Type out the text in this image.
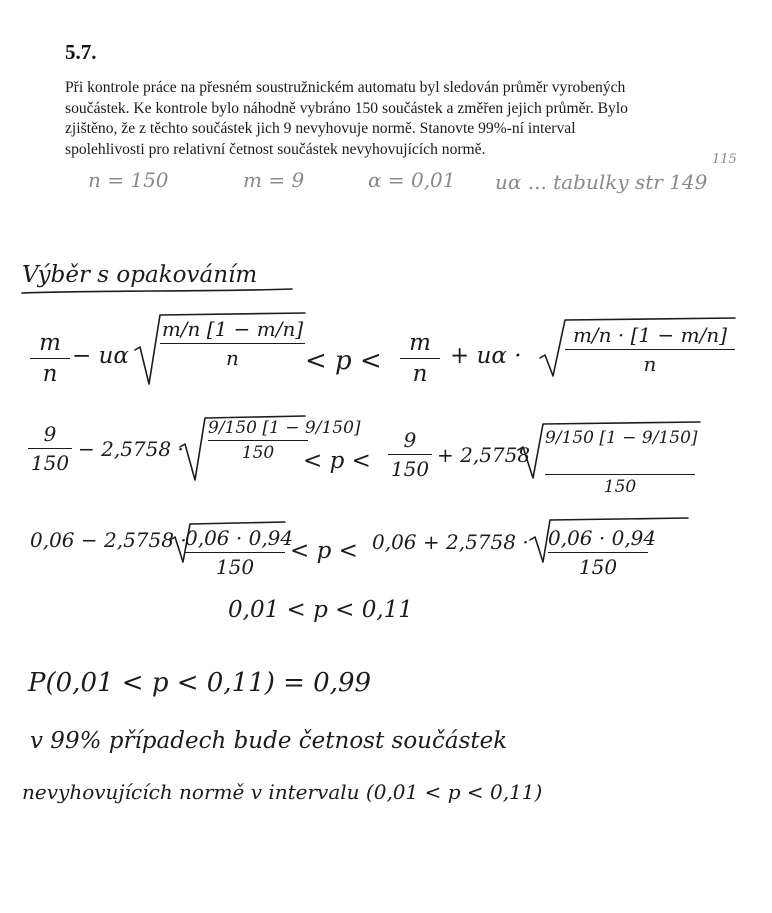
5.7.
Při kontrole práce na přesném soustružnickém automatu byl sledován průměr vyrobených
součástek. Ke kontrole bylo náhodně vybráno 150 součástek a změřen jejich průměr. Bylo
zjištěno, že z těchto součástek jich 9 nevyhovuje normě. Stanovte 99%-ní interval
spolehlivosti pro relativní četnost součástek nevyhovujících normě.
n = 150	m = 9	α = 0,01 uα ... tabulky str 149
115
Výběr s opakováním
m
n
− uα
m/n [1 − m/n]
n	< p <
m
n
+ uα ·
m/n · [1 − m/n]
n
9
150
− 2,5758 ·
9/150 [1 − 9/150]
150	< p <
9
150
+ 2,5758
9/150 [1 − 9/150]
150
0,06 − 2,5758 ·
0,06 · 0,94
150
< p < 0,06 + 2,5758 · 0,06 · 0,94
150
0,01 < p < 0,11
P(0,01 < p < 0,11) = 0,99
v 99% případech bude četnost součástek
nevyhovujících normě v intervalu (0,01 < p < 0,11)
